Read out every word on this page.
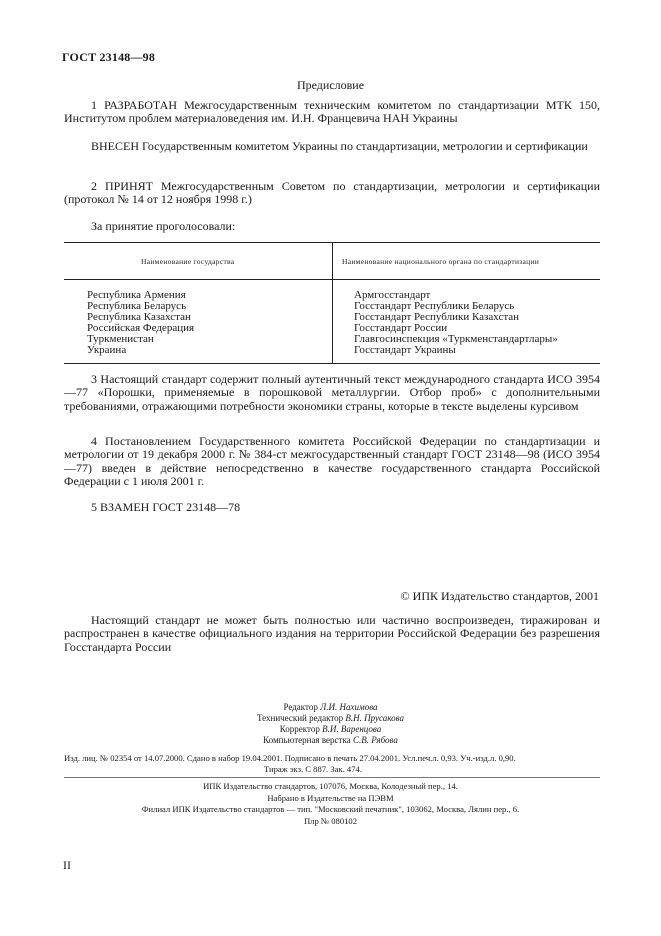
ГОСТ 23148—98
Предисловие
1 РАЗРАБОТАН Межгосударственным техническим комитетом по стандартизации МТК 150, Институтом проблем материаловедения им. И.Н. Францевича НАН Украины
ВНЕСЕН Государственным комитетом Украины по стандартизации, метрологии и сертификации
2 ПРИНЯТ Межгосударственным Советом по стандартизации, метрологии и сертификации (протокол № 14 от 12 ноября 1998 г.)
За принятие проголосовали:
Наименование государства	Наименование национального органа по стандартизации
Республика Армения
Республика Беларусь
Республика Казахстан
Российская Федерация
Туркменистан
Украина
Армгосстандарт
Госстандарт Республики Беларусь
Госстандарт Республики Казахстан
Госстандарт России
Главгосинспекция «Туркменстандартлары»
Госстандарт Украины
3 Настоящий стандарт содержит полный аутентичный текст международного стандарта ИСО 3954—77 «Порошки, применяемые в порошковой металлургии. Отбор проб» с дополнительными требованиями, отражающими потребности экономики страны, которые в тексте выделены курсивом
4 Постановлением Государственного комитета Российской Федерации по стандартизации и метрологии от 19 декабря 2000 г. № 384-ст межгосударственный стандарт ГОСТ 23148—98 (ИСО 3954—77) введен в действие непосредственно в качестве государственного стандарта Российской Федерации с 1 июля 2001 г.
5 ВЗАМЕН ГОСТ 23148—78
© ИПК Издательство стандартов, 2001
Настоящий стандарт не может быть полностью или частично воспроизведен, тиражирован и распространен в качестве официального издания на территории Российской Федерации без разрешения Госстандарта России
Редактор Л.И. Нахимова
Технический редактор В.Н. Прусакова
Корректор В.И. Варенцова
Компьютерная верстка С.В. Рябова
Изд. лиц. № 02354 от 14.07.2000. Сдано в набор 19.04.2001. Подписано в печать 27.04.2001. Усл.печ.л. 0,93. Уч.-изд.л. 0,90.
Тираж экз. С 887. Зак. 474.
ИПК Издательство стандартов, 107076, Москва, Колодезный пер., 14.
Набрано в Издательстве на ПЭВМ
Филиал ИПК Издательство стандартов — тип. "Московский печатник", 103062, Москва, Лялин пер., 6.
Плр № 080102
II
